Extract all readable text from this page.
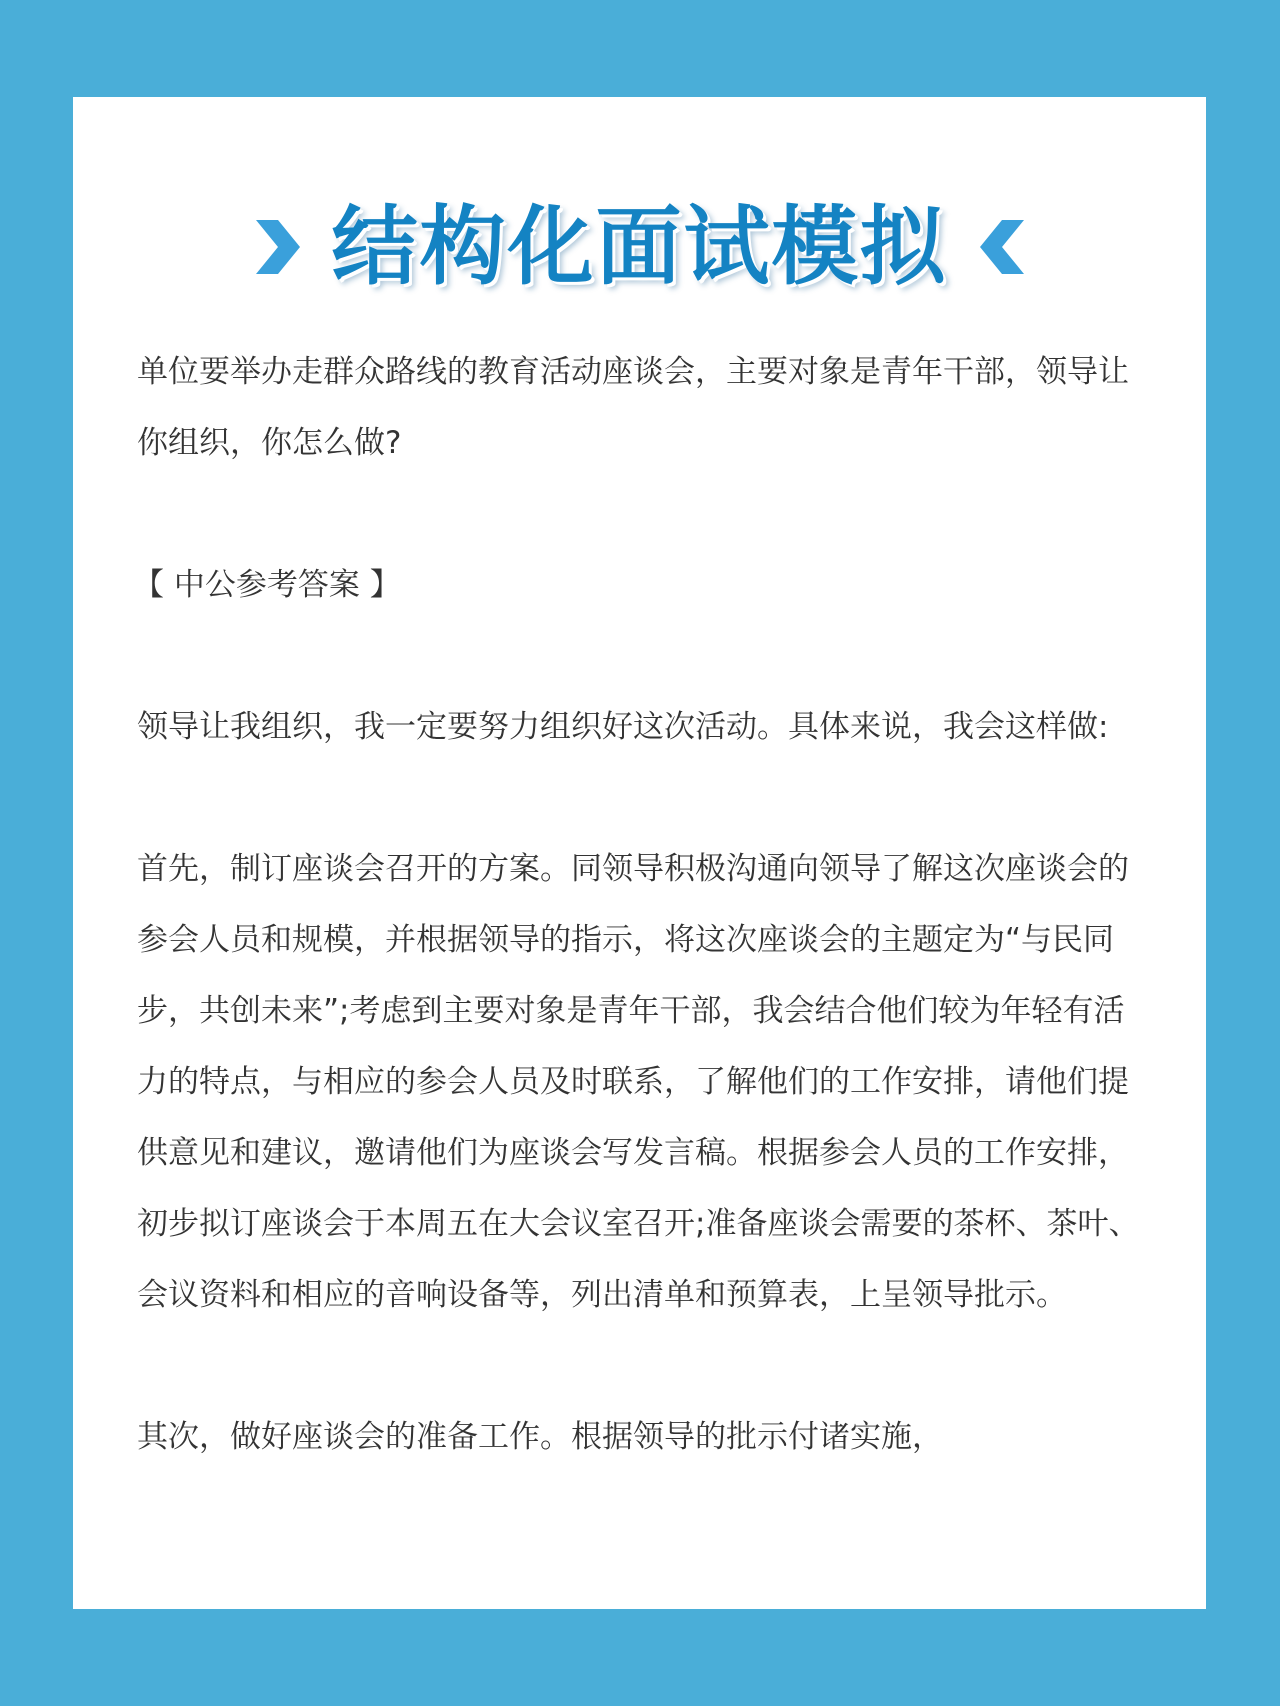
结构化面试模拟

单位要举办走群众路线的教育活动座谈会，主要对象是青年干部，领导让你组织，你怎么做?

【 中公参考答案 】

领导让我组织，我一定要努力组织好这次活动。具体来说，我会这样做:

首先，制订座谈会召开的方案。同领导积极沟通向领导了解这次座谈会的参会人员和规模，并根据领导的指示，将这次座谈会的主题定为“与民同步，共创未来”;考虑到主要对象是青年干部，我会结合他们较为年轻有活力的特点，与相应的参会人员及时联系，了解他们的工作安排，请他们提供意见和建议，邀请他们为座谈会写发言稿。根据参会人员的工作安排，初步拟订座谈会于本周五在大会议室召开;准备座谈会需要的茶杯、茶叶、会议资料和相应的音响设备等，列出清单和预算表，上呈领导批示。

其次，做好座谈会的准备工作。根据领导的批示付诸实施，
